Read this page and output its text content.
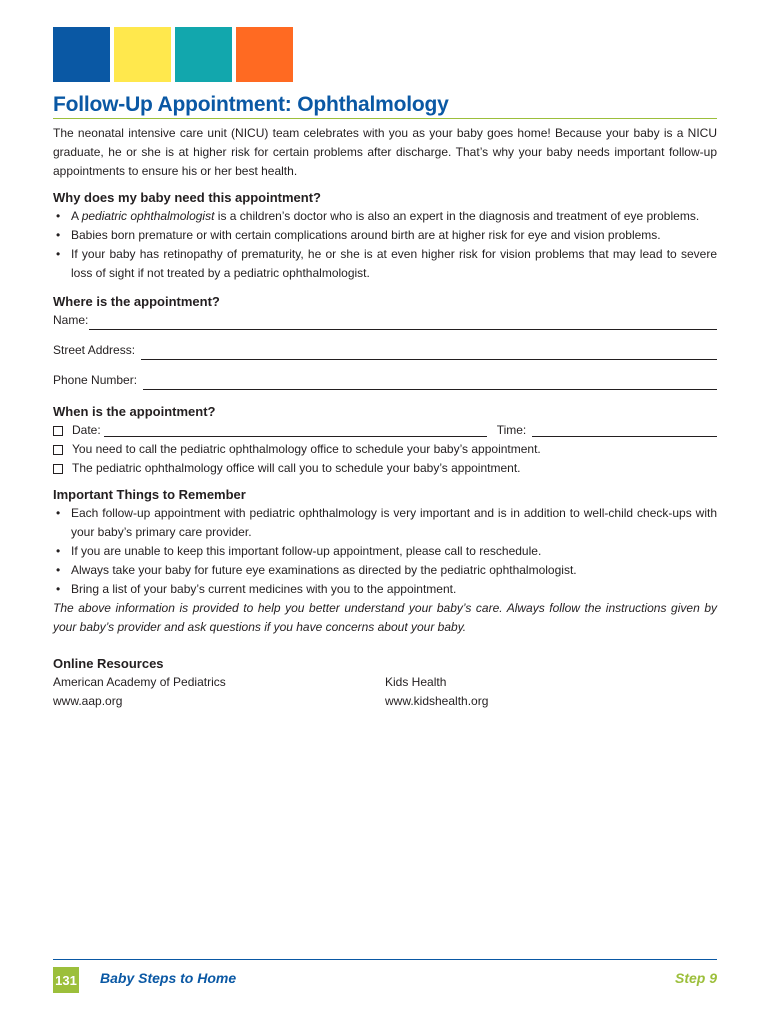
Follow-Up Appointment: Ophthalmology

The neonatal intensive care unit (NICU) team celebrates with you as your baby goes home! Because your baby is a NICU graduate, he or she is at higher risk for certain problems after discharge. That’s why your baby needs important follow-up appointments to ensure his or her best health.

Why does my baby need this appointment?
• A pediatric ophthalmologist is a children’s doctor who is also an expert in the diagnosis and treatment of eye problems.
• Babies born premature or with certain complications around birth are at higher risk for eye and vision problems.
• If your baby has retinopathy of prematurity, he or she is at even higher risk for vision problems that may lead to severe loss of sight if not treated by a pediatric ophthalmologist.
Where is the appointment?
Name:
Street Address:
Phone Number:
When is the appointment?
Date:	Time:
You need to call the pediatric ophthalmology office to schedule your baby’s appointment.
The pediatric ophthalmology office will call you to schedule your baby’s appointment.
Important Things to Remember
• Each follow-up appointment with pediatric ophthalmology is very important and is in addition to well-child check-ups with your baby’s primary care provider.
• If you are unable to keep this important follow-up appointment, please call to reschedule.
• Always take your baby for future eye examinations as directed by the pediatric ophthalmologist.
• Bring a list of your baby’s current medicines with you to the appointment.

The above information is provided to help you better understand your baby’s care. Always follow the instructions given by your baby’s provider and ask questions if you have concerns about your baby.

Online Resources
American Academy of Pediatrics
www.aap.org
Kids Health
www.kidshealth.org
131 Baby Steps to Home	Step 9
